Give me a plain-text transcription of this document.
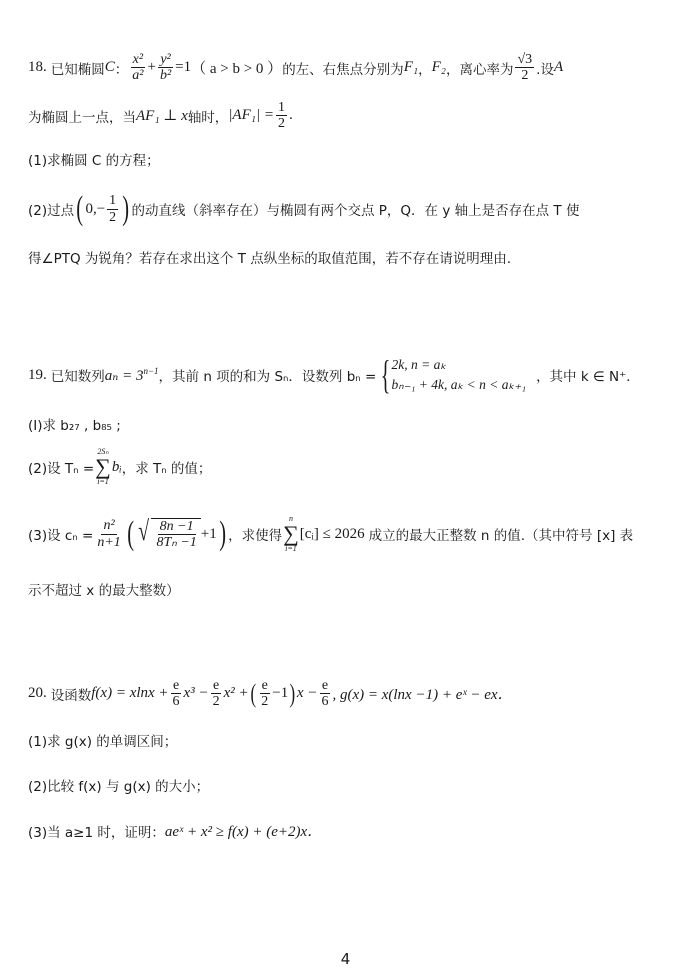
18. 已知椭圆 C ： $\frac{\text{x²}}{\text{a²}} + \frac{\text{y²}}{\text{b²}} =1$ （ a > b > 0 ） 的左、右焦点分别为 F₁ ， F₂ ，离心率为 $\frac{√3}{2}$ .设 A
为椭圆上一点，当 AF₁ ⊥ x 轴时， $|AF_1| = \frac{1}{2}$ .
(1)求椭圆 C 的方程；
(2)过点 ( $0,- \frac{1}{2}$ ) 的动直线（斜率存在）与椭圆有两个交点 P，Q．在 y 轴上是否存在点 T 使
得∠PTQ 为锐角？若存在求出这个 T 点纵坐标的取值范围，若不存在请说明理由.
19. 已知数列 $a_n = 3^{n-1}$ ，其前 n 项的和为 Sₙ．设数列 bₙ = { 2k, n = aₖ
bₙ₋₁ + 4k, aₖ < n < aₖ₊₁ ，其中 k ∈ N⁺．
(I)求 b₂₇ , b₈₅ ;
(2)设 Tₙ =
2Sₙ
∑
i=1
bᵢ ，求 Tₙ 的值；
(3)设 $c_n = \frac{\text{n²}}{n+1}$ ( √ $\frac{8n -1}{\text{8Tₙ −1}} +1$ ) ，求使得
n
∑
i=1
[cᵢ] ≤ 2026 成立的最大正整数 n 的值.（其中符号 [x] 表
示不超过 x 的最大整数）
20. 设函数 $f(x) = xlnx + \frac{e}{6} x^3 - \frac{e}{2} x^2$ + ( $\frac{e}{2} -1$ ) $x - \frac{e}{6}$ , g(x) = x(lnx −1) + eˣ − ex．
(1)求 g(x) 的单调区间；
(2)比较 f(x) 与 g(x) 的大小；
(3)当 a≥1 时，证明： aeˣ + x² ≥ f(x) + (e+2)x．
4
